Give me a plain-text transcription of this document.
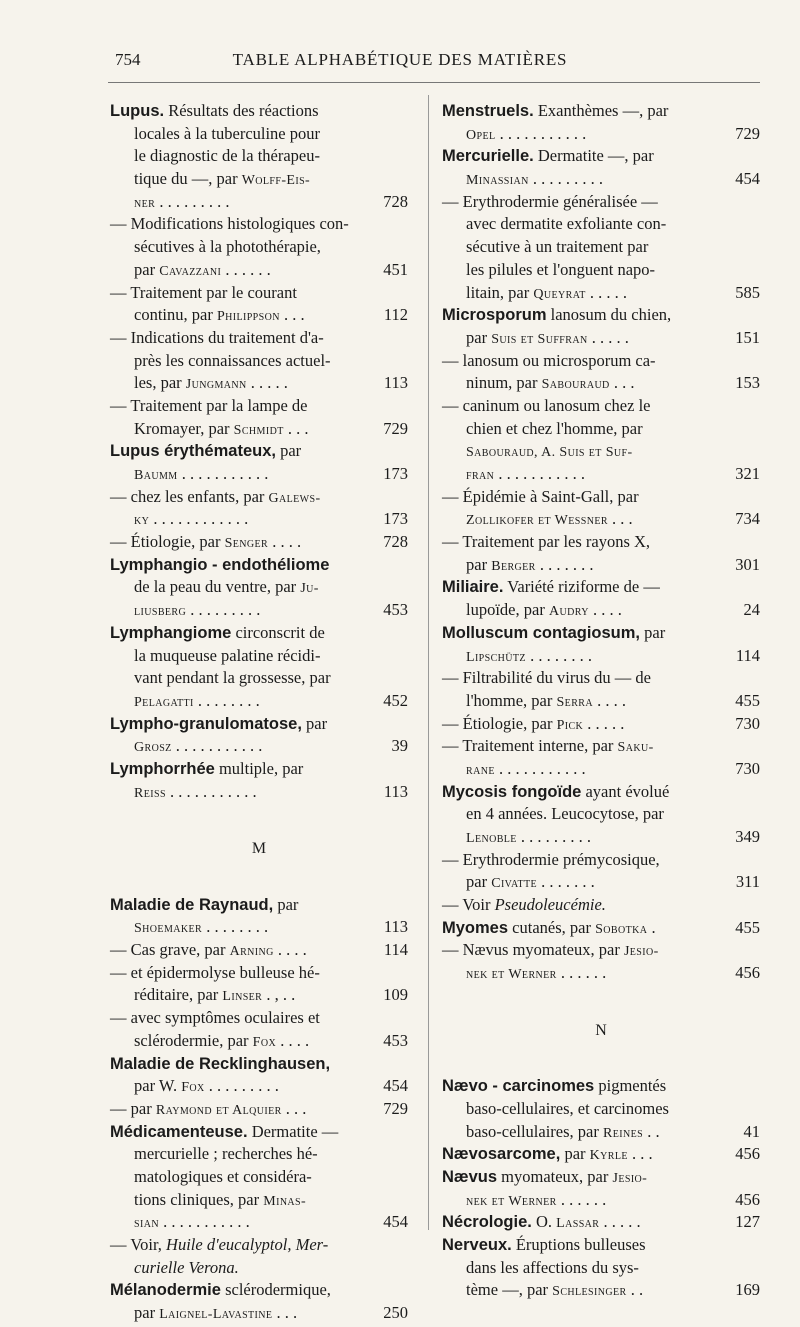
754	TABLE ALPHABÉTIQUE DES MATIÈRES
Lupus. Résultats des réactions
locales à la tuberculine pour
le diagnostic de la thérapeu-
tique du —, par Wolff-Eis-
ner . . . . . . . . .	728
— Modifications histologiques con-
sécutives à la photothérapie,
par Cavazzani . . . . . .	451
— Traitement par le courant
continu, par Philippson . . .	112
— Indications du traitement d'a-
près les connaissances actuel-
les, par Jungmann . . . . .	113
— Traitement par la lampe de
Kromayer, par Schmidt . . .	729
Lupus érythémateux, par
Baumm . . . . . . . . . . .	173
— chez les enfants, par Galews-
ky . . . . . . . . . . . .	173
— Étiologie, par Senger . . . .	728
Lymphangio - endothéliome
de la peau du ventre, par Ju-
liusberg . . . . . . . . .	453
Lymphangiome circonscrit de
la muqueuse palatine récidi-
vant pendant la grossesse, par
Pelagatti . . . . . . . .	452
Lympho-granulomatose, par
Grosz . . . . . . . . . . .	39
Lymphorrhée multiple, par
Reiss . . . . . . . . . . .	113
M
Maladie de Raynaud, par
Shoemaker . . . . . . . .	113
— Cas grave, par Arning . . . .	114
— et épidermolyse bulleuse hé-
réditaire, par Linser . , . .	109
— avec symptômes oculaires et
sclérodermie, par Fox . . . .	453
Maladie de Recklinghausen,
par W. Fox . . . . . . . . .	454
— par Raymond et Alquier . . .	729
Médicamenteuse. Dermatite —
mercurielle ; recherches hé-
matologiques et considéra-
tions cliniques, par Minas-
sian . . . . . . . . . . .	454
— Voir, Huile d'eucalyptol, Mer-
curielle Verona.
Mélanodermie sclérodermique,
par Laignel-Lavastine . . .	250
Menstruels. Exanthèmes —, par
Opel . . . . . . . . . . .	729
Mercurielle. Dermatite —, par
Minassian . . . . . . . . .	454
— Erythrodermie généralisée —
avec dermatite exfoliante con-
sécutive à un traitement par
les pilules et l'onguent napo-
litain, par Queyrat . . . . .	585
Microsporum lanosum du chien,
par Suis et Suffran . . . . .	151
— lanosum ou microsporum ca-
ninum, par Sabouraud . . .	153
— caninum ou lanosum chez le
chien et chez l'homme, par
Sabouraud, A. Suis et Suf-
fran . . . . . . . . . . .	321
— Épidémie à Saint-Gall, par
Zollikofer et Wessner . . .	734
— Traitement par les rayons X,
par Berger . . . . . . .	301
Miliaire. Variété riziforme de —
lupoïde, par Audry . . . .	24
Molluscum contagiosum, par
Lipschütz . . . . . . . .	114
— Filtrabilité du virus du — de
l'homme, par Serra . . . .	455
— Étiologie, par Pick . . . . .	730
— Traitement interne, par Saku-
rane . . . . . . . . . . .	730
Mycosis fongoïde ayant évolué
en 4 années. Leucocytose, par
Lenoble . . . . . . . . .	349
— Erythrodermie prémycosique,
par Civatte . . . . . . .	311
— Voir Pseudoleucémie.
Myomes cutanés, par Sobotka .	455
— Nævus myomateux, par Jesio-
nek et Werner . . . . . .	456
N
Nævo - carcinomes pigmentés
baso-cellulaires, et carcinomes
baso-cellulaires, par Reines . .	41
Nævosarcome, par Kyrle . . .	456
Nævus myomateux, par Jesio-
nek et Werner . . . . . .	456
Nécrologie. O. Lassar . . . . .	127
Nerveux. Éruptions bulleuses
dans les affections du sys-
tème —, par Schlesinger . .	169
